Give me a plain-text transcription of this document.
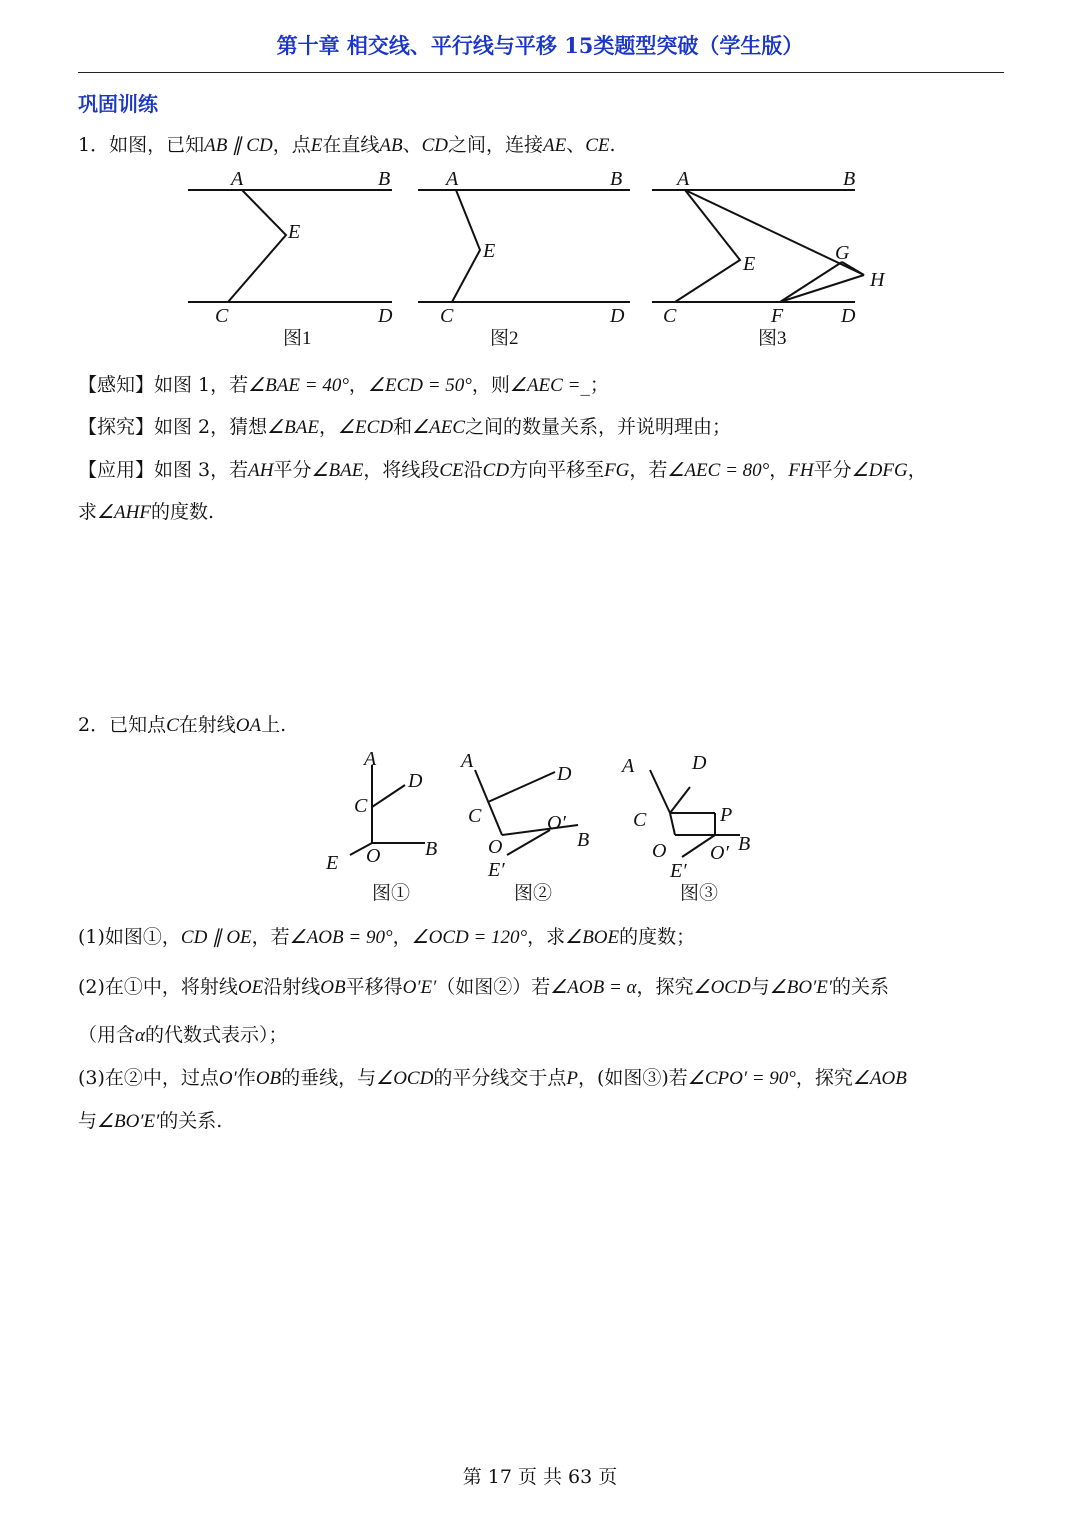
第十章 相交线、平行线与平移 15类题型突破（学生版）
巩固训练
1．如图，已知AB ∥ CD，点E在直线AB、CD之间，连接AE、CE.
A	B
E
C	D
A	B
E
C	D
A	B
E	G
H
C	F	D
图1	图2	图3
【感知】如图 1，若∠BAE = 40°，∠ECD = 50°，则∠AEC =_；
【探究】如图 2，猜想∠BAE，∠ECD和∠AEC之间的数量关系，并说明理由；
【应用】如图 3，若AH平分∠BAE，将线段CE沿CD方向平移至FG，若∠AEC = 80°，FH平分∠DFG，
求∠AHF的度数.
2．已知点C在射线OA上.
A
D
C
B
O
E
A
D
C	O′
B
O
E′
A	D
C	P
B
O O′
E′
图①	图②	图③
(1)如图①，CD ∥ OE，若∠AOB = 90°，∠OCD = 120°，求∠BOE的度数；
(2)在①中，将射线OE沿射线OB平移得O′E′（如图②）若∠AOB = α，探究∠OCD与∠BO′E′的关系
（用含α的代数式表示）；
(3)在②中，过点O′作OB的垂线，与∠OCD的平分线交于点P，(如图③)若∠CPO′ = 90°，探究∠AOB
与∠BO′E′的关系.
第 17 页 共 63 页
